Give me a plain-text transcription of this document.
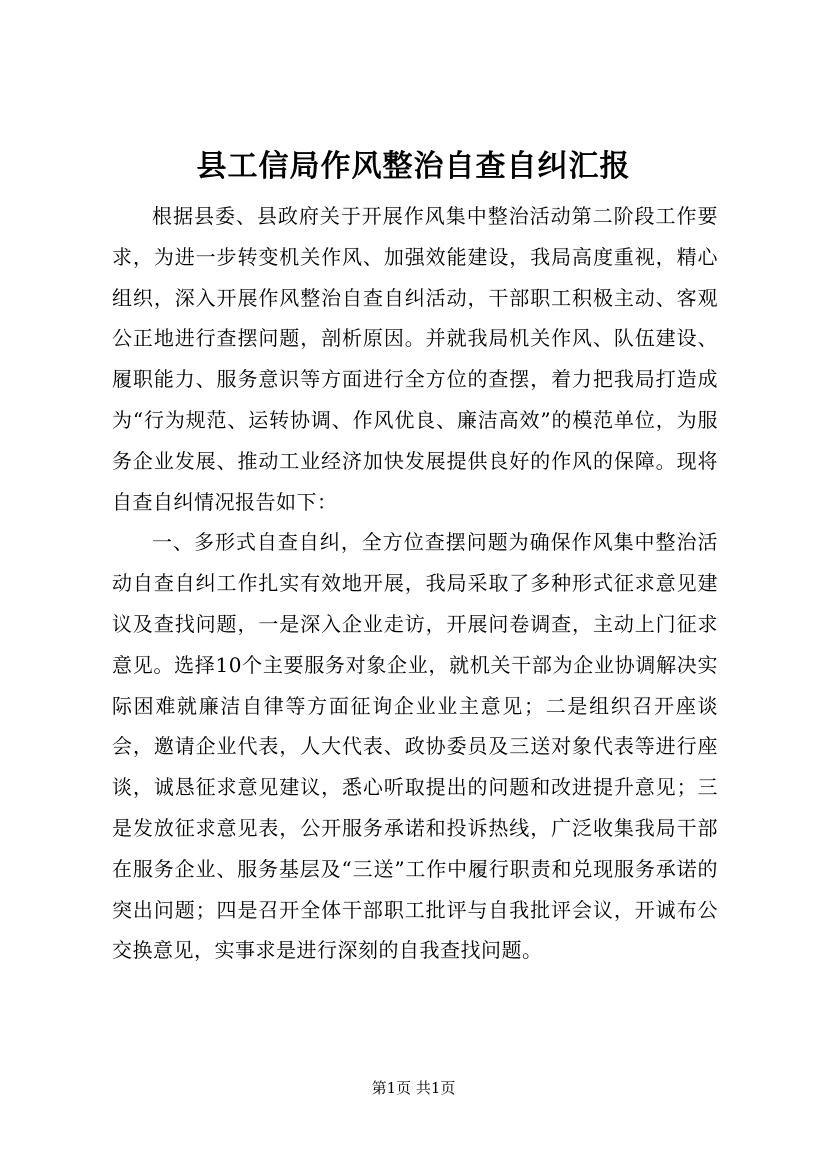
县工信局作风整治自查自纠汇报

根据县委、县政府关于开展作风集中整治活动第二阶段工作要求，为进一步转变机关作风、加强效能建设，我局高度重视，精心组织，深入开展作风整治自查自纠活动，干部职工积极主动、客观公正地进行查摆问题，剖析原因。并就我局机关作风、队伍建设、履职能力、服务意识等方面进行全方位的查摆，着力把我局打造成为“行为规范、运转协调、作风优良、廉洁高效”的模范单位，为服务企业发展、推动工业经济加快发展提供良好的作风的保障。现将自查自纠情况报告如下：

一、多形式自查自纠，全方位查摆问题为确保作风集中整治活动自查自纠工作扎实有效地开展，我局采取了多种形式征求意见建议及查找问题，一是深入企业走访，开展问卷调查，主动上门征求意见。选择10个主要服务对象企业，就机关干部为企业协调解决实际困难就廉洁自律等方面征询企业业主意见；二是组织召开座谈会，邀请企业代表，人大代表、政协委员及三送对象代表等进行座谈，诚恳征求意见建议，悉心听取提出的问题和改进提升意见；三是发放征求意见表，公开服务承诺和投诉热线，广泛收集我局干部在服务企业、服务基层及“三送”工作中履行职责和兑现服务承诺的突出问题；四是召开全体干部职工批评与自我批评会议，开诚布公交换意见，实事求是进行深刻的自我查找问题。

第1页 共1页
